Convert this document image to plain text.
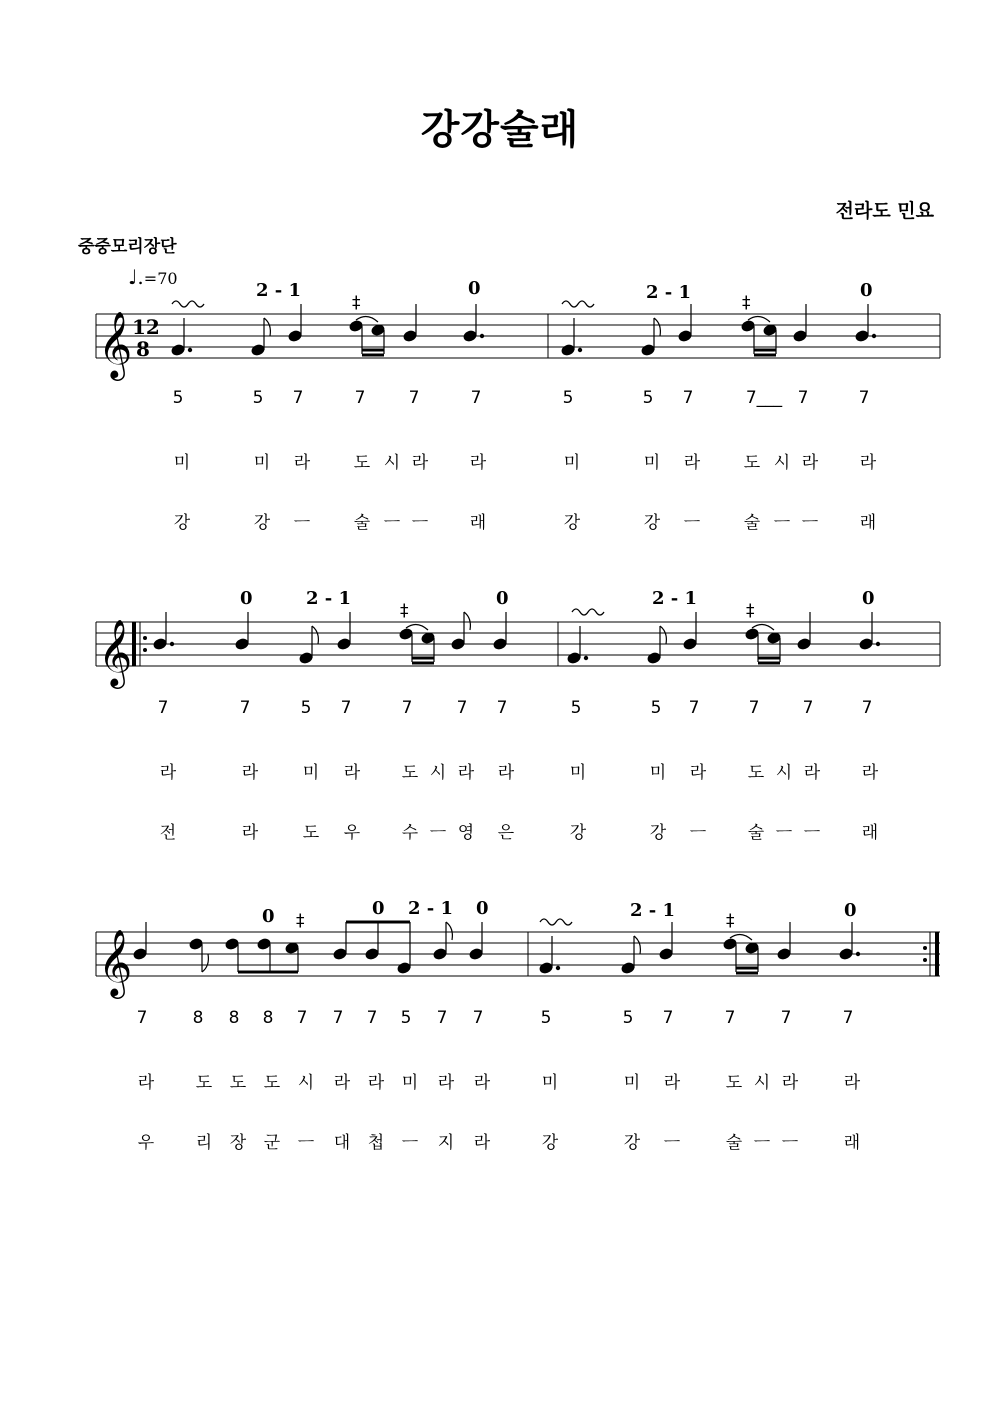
강강술래
전라도 민요
중중모리장단
♩.=70
𝄞 12
8
‡	‡
2 - 1	0	2 - 1	0
5	5 7	7	7	7	5	5 7	7___ 7	7
미	미 라	도 시 라 라	미	미 라	도 시 라 라
강	강 ㅡ	술 ㅡ ㅡ 래	강	강 ㅡ	술 ㅡ ㅡ 래
𝄞
‡	‡
0	2 - 1	0	2 - 1	0
7	7	5 7	7	7 7	5	5 7	7	7	7
라	라	미 라 도 시 라 라	미	미 라 도 시 라 라
전	라	도 우 수 ㅡ 영 은	강	강 ㅡ 술 ㅡ ㅡ 래
𝄞
‡	‡
0	0 2 - 1 0	2 - 1	0
7	8 8 8 7 7 7 5 7 7	5	5 7	7	7	7
라 도 도 도 시 라 라 미 라 라	미	미 라	도 시 라	라
우 리 장 군 ㅡ 대 첩 ㅡ 지 라	강	강 ㅡ	술 ㅡ ㅡ	래
